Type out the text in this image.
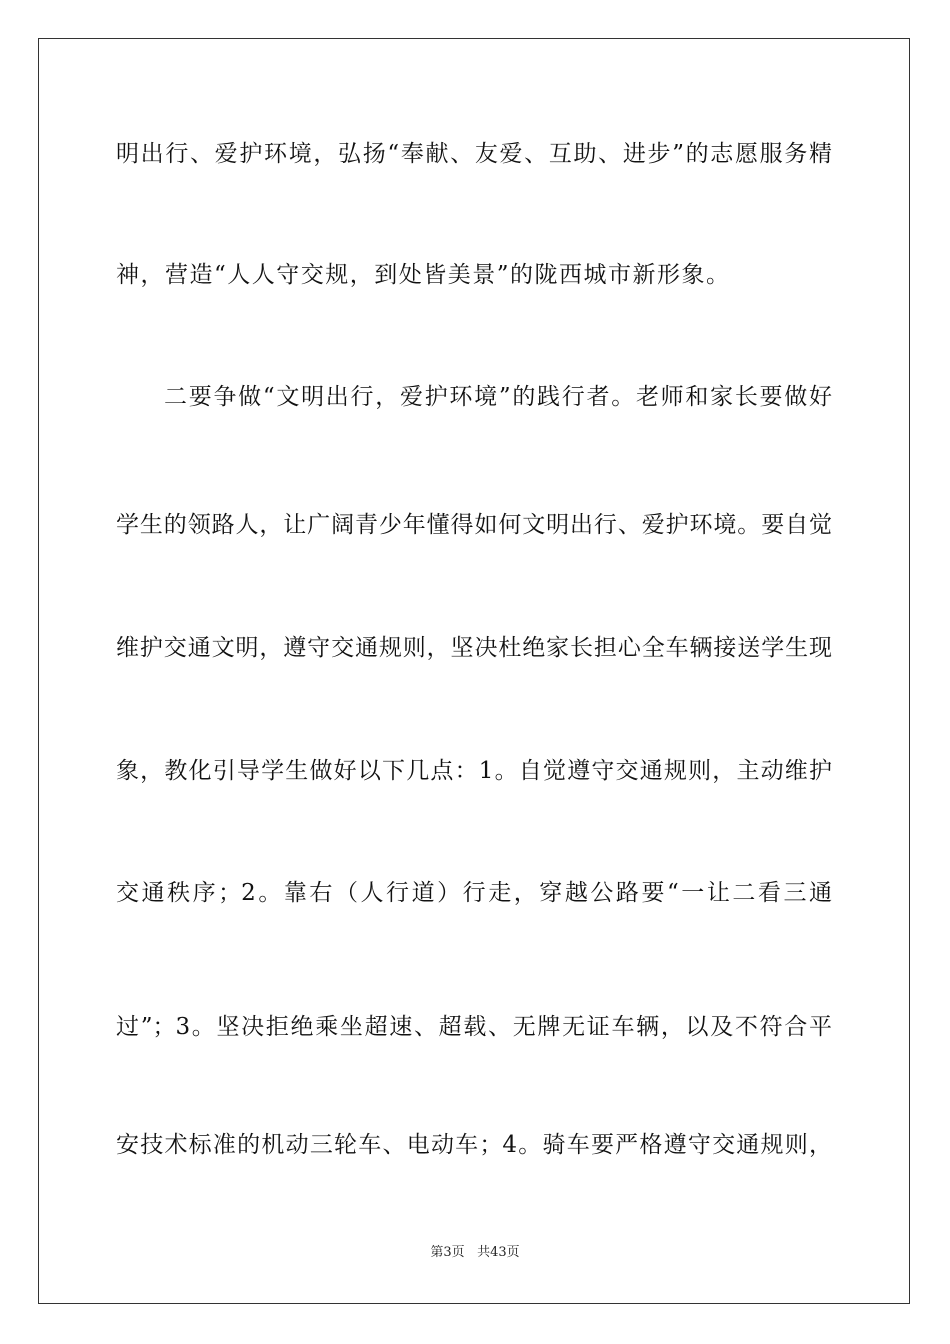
明出行、爱护环境，弘扬“奉献、友爱、互助、进步”的志愿服务精
神，营造“人人守交规，到处皆美景”的陇西城市新形象。
二要争做“文明出行，爱护环境”的践行者。老师和家长要做好
学生的领路人，让广阔青少年懂得如何文明出行、爱护环境。要自觉
维护交通文明，遵守交通规则，坚决杜绝家长担心全车辆接送学生现
象，教化引导学生做好以下几点：1。自觉遵守交通规则，主动维护
交通秩序；2。靠右（人行道）行走，穿越公路要“一让二看三通
过”；3。坚决拒绝乘坐超速、超载、无牌无证车辆，以及不符合平
安技术标准的机动三轮车、电动车；4。骑车要严格遵守交通规则，
第3页 共43页
